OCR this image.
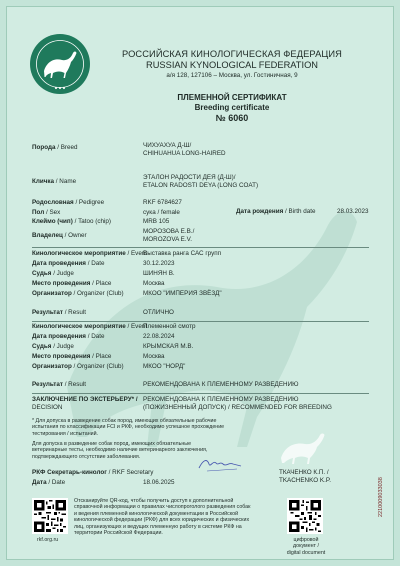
● ● ●
РОССИЙСКАЯ КИНОЛОГИЧЕСКАЯ ФЕДЕРАЦИЯ
RUSSIAN KYNOLOGICAL FEDERATION
а/я 128, 127106 – Москва, ул. Гостиничная, 9
ПЛЕМЕННОЙ СЕРТИФИКАТ
Breeding certificate
№ 6060
Порода / Breed	ЧИХУАХУА Д-Ш/
CHIHUAHUA LONG-HAIRED
Кличка / Name
ЭТАЛОН РАДОСТИ ДЕЯ (Д-Ш)/
ETALON RADOSTI DEYA (LONG COAT)
Родословная / Pedigree	RKF 6784627
Дата рождения / Birth date	28.03.2023
Пол / Sex	сука / female
Клеймо (чип) / Tatoo (chip)	MRB 105
Владелец / Owner
МОРОЗОВА Е.В./
MOROZOVA E.V.
Кинологическое мероприятие / Event
Выставка ранга САС групп
Дата проведения / Date	30.12.2023
Судья / Judge	ШИНЯН В.
Место проведения / Place	Москва
Организатор / Organizer (Club)	МКОО "ИМПЕРИЯ ЗВЁЗД"
Результат / Result	ОТЛИЧНО
Кинологическое мероприятие / Event
Племенной смотр
Дата проведения / Date	22.08.2024
Судья / Judge	КРЫМСКАЯ М.В.
Место проведения / Place	Москва
Организатор / Organizer (Club)	МКОО "НОРД"
Результат / Result	РЕКОМЕНДОВАНА К ПЛЕМЕННОМУ РАЗВЕДЕНИЮ
ЗАКЛЮЧЕНИЕ ПО ЭКСТЕРЬЕРУ* /
DECISION
РЕКОМЕНДОВАНА К ПЛЕМЕННОМУ РАЗВЕДЕНИЮ
(ПОЖИЗНЕННЫЙ ДОПУСК) / RECOMMENDED FOR BREEDING
* Для допуска в разведение собак пород, имеющих обязательные рабочие
испытания по классификации FCI и РКФ, необходимо успешное прохождение
тестирования / испытаний.
Для допуска в разведение собак пород, имеющих обязательные
ветеринарные тесты, необходимо наличие ветеринарного заключения,
подтверждающего отсутствие заболевания.
РКФ Секретарь-кинолог / RKF Secretary	ТКАЧЕНКО К.П. /
TKACHENKO K.P.
Дата / Date	18.06.2025
rkf.org.ru
Отсканируйте QR-код, чтобы получить доступ к дополнительной
справочной информации о правилах числопроголого разведения собак
и ведения племенной кинологической документации в Российской
кинологической федерации (РКФ) для всех юридических и физических
лиц, организующих и ведущих племенную работу в системе РКФ на
территории Российской Федерации.
цифровой документ /
digital document
2210009033038
